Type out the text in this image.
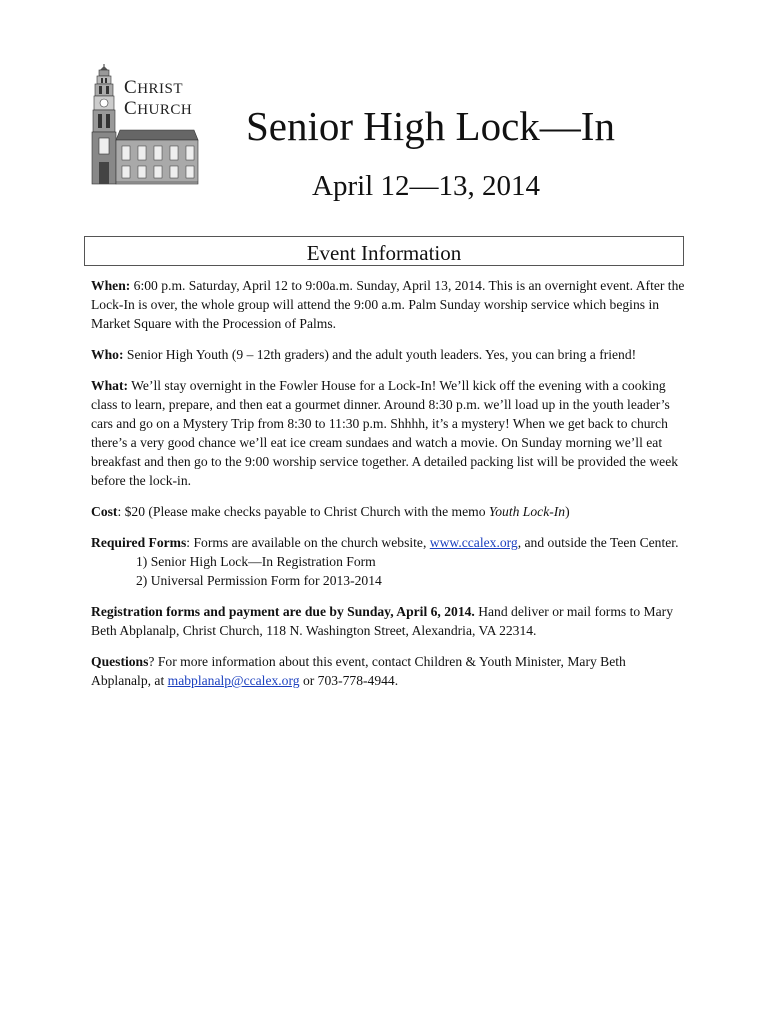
CHRIST
CHURCH Senior High Lock—In
April 12—13, 2014
Event Information

When: 6:00 p.m. Saturday, April 12 to 9:00a.m. Sunday, April 13, 2014. This is an overnight event. After the Lock-In is over, the whole group will attend the 9:00 a.m. Palm Sunday worship service which begins in Market Square with the Procession of Palms.

Who: Senior High Youth (9 – 12th graders) and the adult youth leaders. Yes, you can bring a friend!

What: We’ll stay overnight in the Fowler House for a Lock-In! We’ll kick off the evening with a cooking class to learn, prepare, and then eat a gourmet dinner. Around 8:30 p.m. we’ll load up in the youth leader’s cars and go on a Mystery Trip from 8:30 to 11:30 p.m. Shhhh, it’s a mystery! When we get back to church there’s a very good chance we’ll eat ice cream sundaes and watch a movie. On Sunday morning we’ll eat breakfast and then go to the 9:00 worship service together. A detailed packing list will be provided the week before the lock-in.

Cost: $20 (Please make checks payable to Christ Church with the memo Youth Lock-In)

Required Forms: Forms are available on the church website, www.ccalex.org, and outside the Teen Center.
1) Senior High Lock—In Registration Form
2) Universal Permission Form for 2013-2014

Registration forms and payment are due by Sunday, April 6, 2014. Hand deliver or mail forms to Mary Beth Abplanalp, Christ Church, 118 N. Washington Street, Alexandria, VA 22314.

Questions? For more information about this event, contact Children & Youth Minister, Mary Beth Abplanalp, at mabplanalp@ccalex.org or 703-778-4944.
